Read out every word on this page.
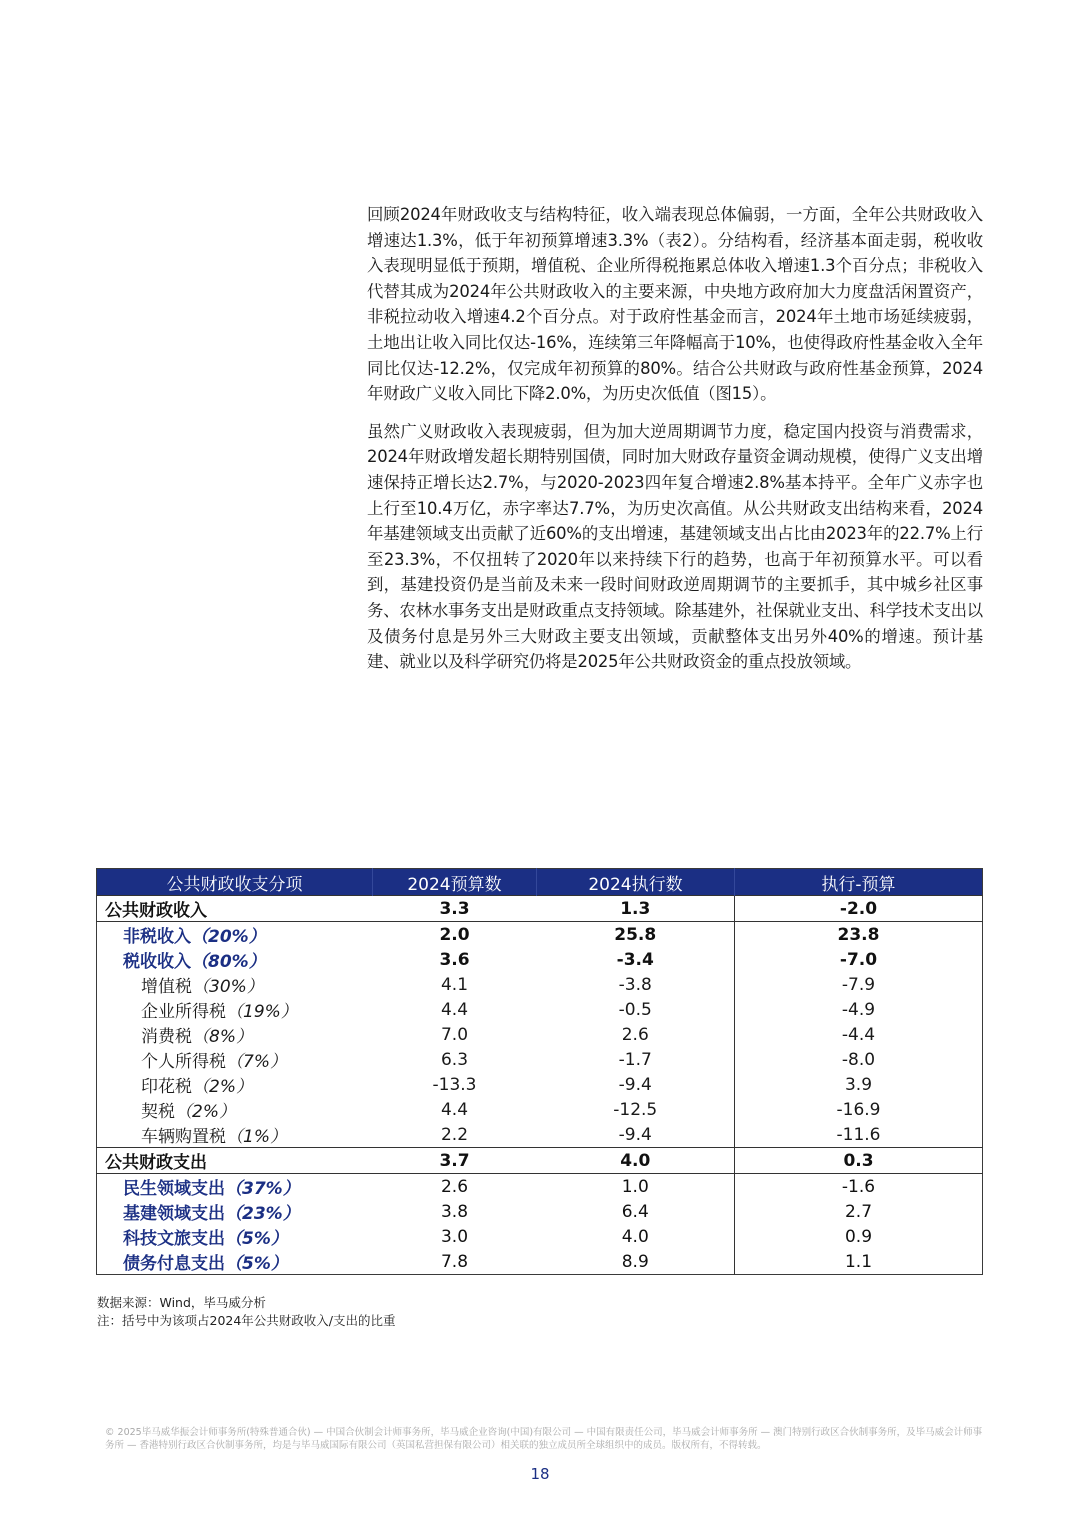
回顾2024年财政收支与结构特征，收入端表现总体偏弱，一方面，全年公共财政收入增速达1.3%，低于年初预算增速3.3%（表2）。分结构看，经济基本面走弱，税收收入表现明显低于预期，增值税、企业所得税拖累总体收入增速1.3个百分点；非税收入代替其成为2024年公共财政收入的主要来源，中央地方政府加大力度盘活闲置资产，非税拉动收入增速4.2个百分点。对于政府性基金而言，2024年土地市场延续疲弱，土地出让收入同比仅达-16%，连续第三年降幅高于10%，也使得政府性基金收入全年同比仅达-12.2%，仅完成年初预算的80%。结合公共财政与政府性基金预算，2024年财政广义收入同比下降2.0%，为历史次低值（图15）。

虽然广义财政收入表现疲弱，但为加大逆周期调节力度，稳定国内投资与消费需求，2024年财政增发超长期特别国债，同时加大财政存量资金调动规模，使得广义支出增速保持正增长达2.7%，与2020-2023四年复合增速2.8%基本持平。全年广义赤字也上行至10.4万亿，赤字率达7.7%，为历史次高值。从公共财政支出结构来看，2024年基建领域支出贡献了近60%的支出增速，基建领域支出占比由2023年的22.7%上行至23.3%，不仅扭转了2020年以来持续下行的趋势，也高于年初预算水平。可以看到，基建投资仍是当前及未来一段时间财政逆周期调节的主要抓手，其中城乡社区事务、农林水事务支出是财政重点支持领域。除基建外，社保就业支出、科学技术支出以及债务付息是另外三大财政主要支出领域，贡献整体支出另外40%的增速。预计基建、就业以及科学研究仍将是2025年公共财政资金的重点投放领域。

公共财政收支分项	2024预算数	2024执行数	执行-预算
公共财政收入	3.3	1.3	-2.0
非税收入（20%）	2.0	25.8	23.8
税收收入（80%）	3.6	-3.4	-7.0
增值税（30%）	4.1	-3.8	-7.9
企业所得税（19%）	4.4	-0.5	-4.9
消费税（8%）	7.0	2.6	-4.4
个人所得税（7%）	6.3	-1.7	-8.0
印花税（2%）	-13.3	-9.4	3.9
契税（2%）	4.4	-12.5	-16.9
车辆购置税（1%）	2.2	-9.4	-11.6
公共财政支出	3.7	4.0	0.3
民生领域支出（37%）	2.6	1.0	-1.6
基建领域支出（23%）	3.8	6.4	2.7
科技文旅支出（5%）	3.0	4.0	0.9
债务付息支出（5%）	7.8	8.9	1.1
数据来源：Wind，毕马威分析
注：括号中为该项占2024年公共财政收入/支出的比重
© 2025毕马威华振会计师事务所(特殊普通合伙) — 中国合伙制会计师事务所，毕马威企业咨询(中国)有限公司 — 中国有限责任公司，毕马威会计师事务所 — 澳门特别行政区合伙制事务所，及毕马威会计师事务所 — 香港特别行政区合伙制事务所，均是与毕马威国际有限公司（英国私营担保有限公司）相关联的独立成员所全球组织中的成员。版权所有，不得转载。
18
